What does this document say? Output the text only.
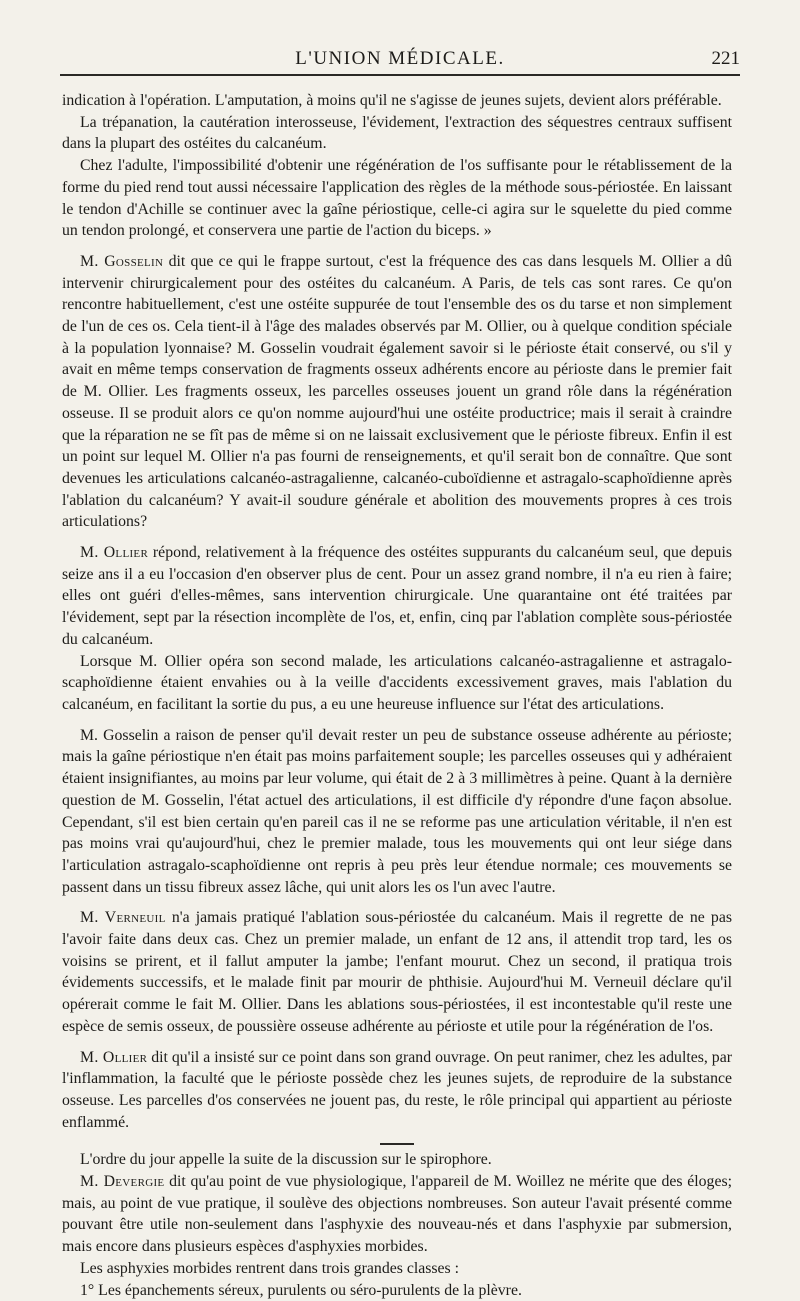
L'UNION MÉDICALE.	221

indication à l'opération. L'amputation, à moins qu'il ne s'agisse de jeunes sujets, devient alors préférable.

La trépanation, la cautération interosseuse, l'évidement, l'extraction des séquestres centraux suffisent dans la plupart des ostéites du calcanéum.

Chez l'adulte, l'impossibilité d'obtenir une régénération de l'os suffisante pour le rétablissement de la forme du pied rend tout aussi nécessaire l'application des règles de la méthode sous-périostée. En laissant le tendon d'Achille se continuer avec la gaîne périostique, celle-ci agira sur le squelette du pied comme un tendon prolongé, et conservera une partie de l'action du biceps. »

M. Gosselin dit que ce qui le frappe surtout, c'est la fréquence des cas dans lesquels M. Ollier a dû intervenir chirurgicalement pour des ostéites du calcanéum. A Paris, de tels cas sont rares. Ce qu'on rencontre habituellement, c'est une ostéite suppurée de tout l'ensemble des os du tarse et non simplement de l'un de ces os. Cela tient-il à l'âge des malades observés par M. Ollier, ou à quelque condition spéciale à la population lyonnaise? M. Gosselin voudrait également savoir si le périoste était conservé, ou s'il y avait en même temps conservation de fragments osseux adhérents encore au périoste dans le premier fait de M. Ollier. Les fragments osseux, les parcelles osseuses jouent un grand rôle dans la régénération osseuse. Il se produit alors ce qu'on nomme aujourd'hui une ostéite productrice; mais il serait à craindre que la réparation ne se fît pas de même si on ne laissait exclusivement que le périoste fibreux. Enfin il est un point sur lequel M. Ollier n'a pas fourni de renseignements, et qu'il serait bon de connaître. Que sont devenues les articulations calcanéo-astragalienne, calcanéo-cuboïdienne et astragalo-scaphoïdienne après l'ablation du calcanéum? Y avait-il soudure générale et abolition des mouvements propres à ces trois articulations?

M. Ollier répond, relativement à la fréquence des ostéites suppurants du calcanéum seul, que depuis seize ans il a eu l'occasion d'en observer plus de cent. Pour un assez grand nombre, il n'a eu rien à faire; elles ont guéri d'elles-mêmes, sans intervention chirurgicale. Une quarantaine ont été traitées par l'évidement, sept par la résection incomplète de l'os, et, enfin, cinq par l'ablation complète sous-périostée du calcanéum.

Lorsque M. Ollier opéra son second malade, les articulations calcanéo-astragalienne et astragalo-scaphoïdienne étaient envahies ou à la veille d'accidents excessivement graves, mais l'ablation du calcanéum, en facilitant la sortie du pus, a eu une heureuse influence sur l'état des articulations.

M. Gosselin a raison de penser qu'il devait rester un peu de substance osseuse adhérente au périoste; mais la gaîne périostique n'en était pas moins parfaitement souple; les parcelles osseuses qui y adhéraient étaient insignifiantes, au moins par leur volume, qui était de 2 à 3 millimètres à peine. Quant à la dernière question de M. Gosselin, l'état actuel des articulations, il est difficile d'y répondre d'une façon absolue. Cependant, s'il est bien certain qu'en pareil cas il ne se reforme pas une articulation véritable, il n'en est pas moins vrai qu'aujourd'hui, chez le premier malade, tous les mouvements qui ont leur siége dans l'articulation astragalo-scaphoïdienne ont repris à peu près leur étendue normale; ces mouvements se passent dans un tissu fibreux assez lâche, qui unit alors les os l'un avec l'autre.

M. Verneuil n'a jamais pratiqué l'ablation sous-périostée du calcanéum. Mais il regrette de ne pas l'avoir faite dans deux cas. Chez un premier malade, un enfant de 12 ans, il attendit trop tard, les os voisins se prirent, et il fallut amputer la jambe; l'enfant mourut. Chez un second, il pratiqua trois évidements successifs, et le malade finit par mourir de phthisie. Aujourd'hui M. Verneuil déclare qu'il opérerait comme le fait M. Ollier. Dans les ablations sous-périostées, il est incontestable qu'il reste une espèce de semis osseux, de poussière osseuse adhérente au périoste et utile pour la régénération de l'os.

M. Ollier dit qu'il a insisté sur ce point dans son grand ouvrage. On peut ranimer, chez les adultes, par l'inflammation, la faculté que le périoste possède chez les jeunes sujets, de reproduire de la substance osseuse. Les parcelles d'os conservées ne jouent pas, du reste, le rôle principal qui appartient au périoste enflammé.

L'ordre du jour appelle la suite de la discussion sur le spirophore.

M. Devergie dit qu'au point de vue physiologique, l'appareil de M. Woillez ne mérite que des éloges; mais, au point de vue pratique, il soulève des objections nombreuses. Son auteur l'avait présenté comme pouvant être utile non-seulement dans l'asphyxie des nouveau-nés et dans l'asphyxie par submersion, mais encore dans plusieurs espèces d'asphyxies morbides.

Les asphyxies morbides rentrent dans trois grandes classes :

1° Les épanchements séreux, purulents ou séro-purulents de la plèvre.
